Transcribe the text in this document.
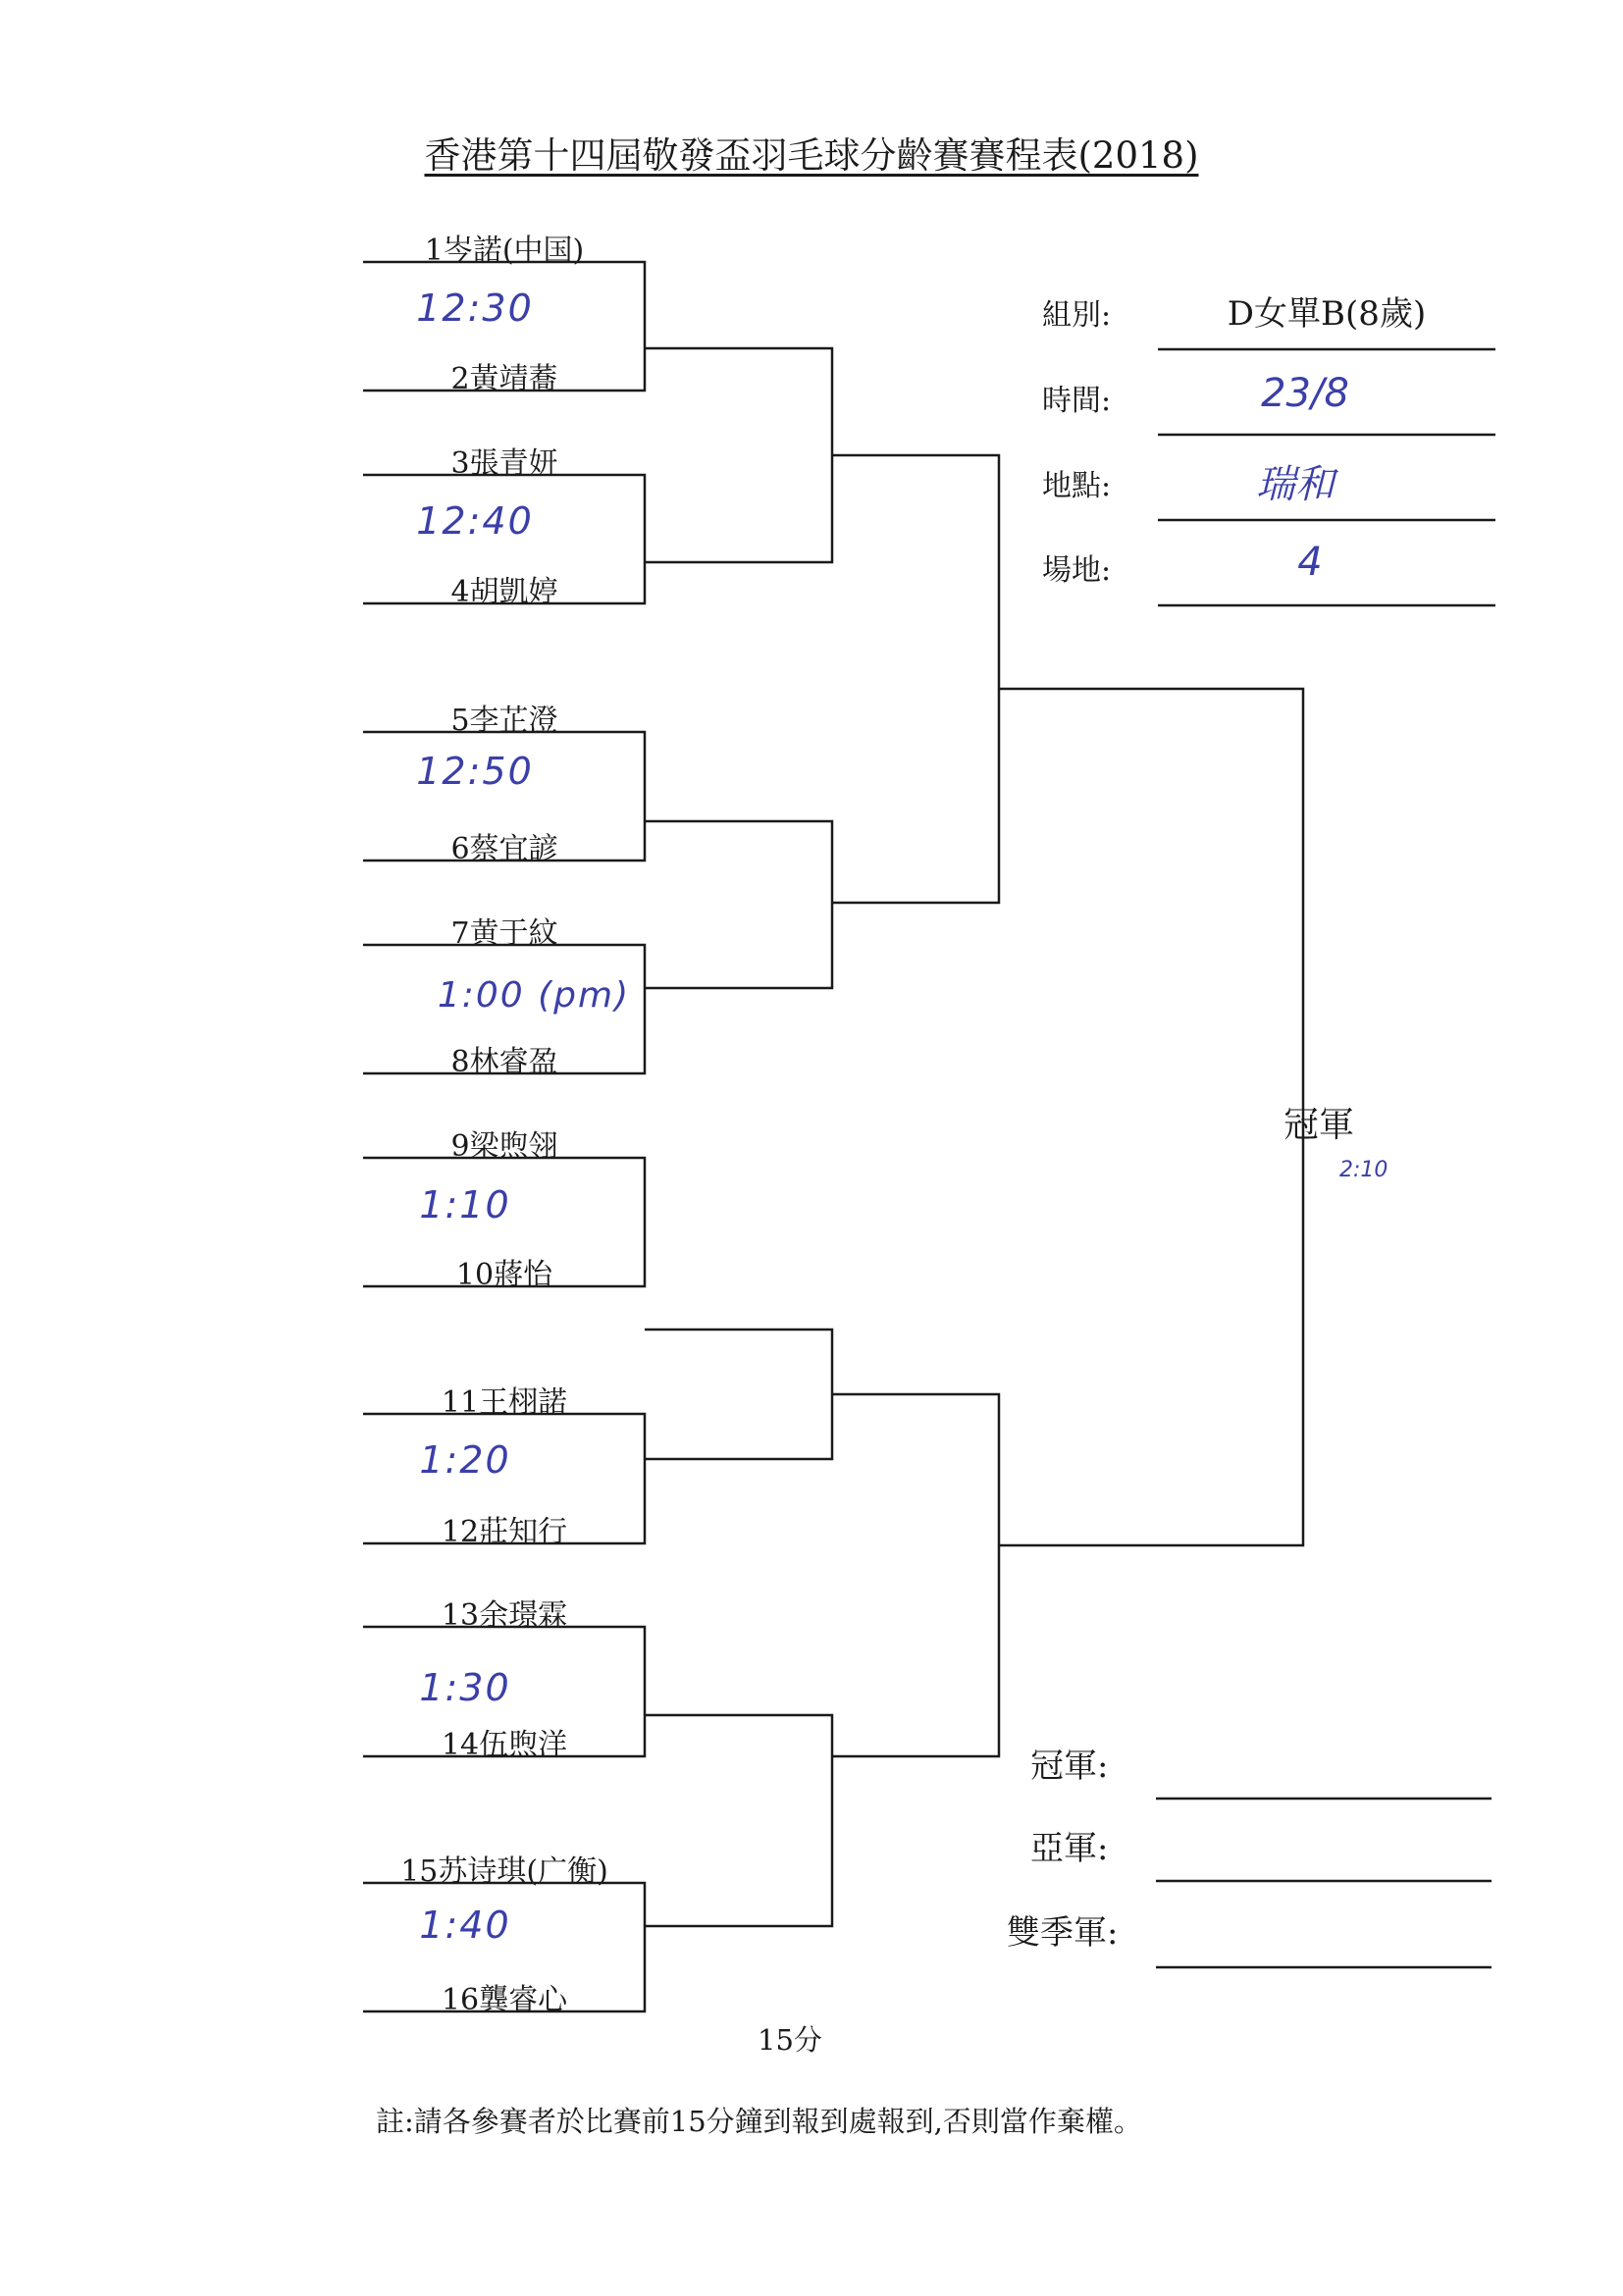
香港第十四屆敬發盃羽毛球分齡賽賽程表(2018)
1岑諾(中国)
12:30
2黃靖蕎
3張青妍
12:40
4胡凱婷
5李芷澄
12:50
6蔡宜諺
7黄于紋
1:00 (pm)
8林睿盈
9梁煦翎
1:10
10蔣怡
11王栩諾
1:20
12莊知行
13余璟霖
1:30
14伍煦洋
15苏诗琪(广衡)
1:40
16龔睿心
冠軍
2:10
組別:	D女單B(8歲)
時間:	23/8
地點:	瑞和
場地:	4
冠軍:
亞軍:
雙季軍:
15分
註:請各參賽者於比賽前15分鐘到報到處報到,否則當作棄權。
